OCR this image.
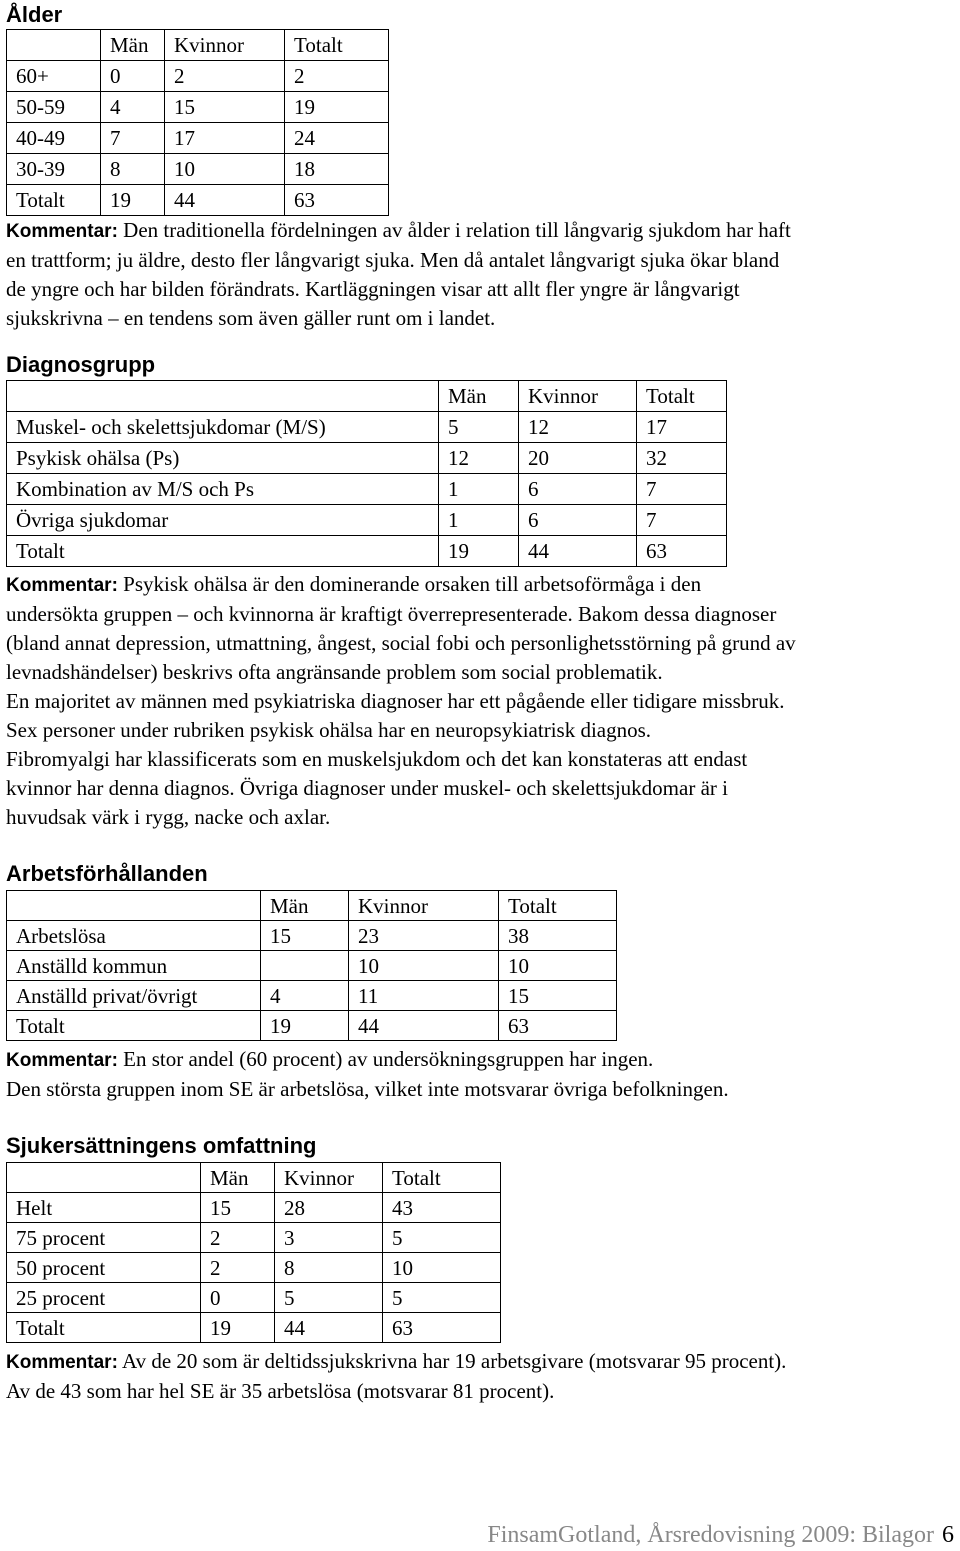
Ålder
	Män	Kvinnor	Totalt
60+	0	2	2
50-59	4	15	19
40-49	7	17	24
30-39	8	10	18
Totalt	19	44	63

Kommentar: Den traditionella fördelningen av ålder i relation till långvarig sjukdom har haft

en trattform; ju äldre, desto fler långvarigt sjuka. Men då antalet långvarigt sjuka ökar bland

de yngre och har bilden förändrats. Kartläggningen visar att allt fler yngre är långvarigt

sjukskrivna – en tendens som även gäller runt om i landet.

Diagnosgrupp
	Män	Kvinnor	Totalt
Muskel- och skelettsjukdomar (M/S)	5	12	17
Psykisk ohälsa (Ps)	12	20	32
Kombination av M/S och Ps	1	6	7
Övriga sjukdomar	1	6	7
Totalt	19	44	63

Kommentar: Psykisk ohälsa är den dominerande orsaken till arbetsoförmåga i den

undersökta gruppen – och kvinnorna är kraftigt överrepresenterade. Bakom dessa diagnoser

(bland annat depression, utmattning, ångest, social fobi och personlighetsstörning på grund av

levnadshändelser) beskrivs ofta angränsande problem som social problematik.

En majoritet av männen med psykiatriska diagnoser har ett pågående eller tidigare missbruk.

Sex personer under rubriken psykisk ohälsa har en neuropsykiatrisk diagnos.

Fibromyalgi har klassificerats som en muskelsjukdom och det kan konstateras att endast

kvinnor har denna diagnos. Övriga diagnoser under muskel- och skelettsjukdomar är i

huvudsak värk i rygg, nacke och axlar.

Arbetsförhållanden
	Män	Kvinnor	Totalt
Arbetslösa	15	23	38
Anställd kommun		10	10
Anställd privat/övrigt	4	11	15
Totalt	19	44	63

Kommentar: En stor andel (60 procent) av undersökningsgruppen har ingen.

Den största gruppen inom SE är arbetslösa, vilket inte motsvarar övriga befolkningen.

Sjukersättningens omfattning
	Män	Kvinnor	Totalt
Helt	15	28	43
75 procent	2	3	5
50 procent	2	8	10
25 procent	0	5	5
Totalt	19	44	63

Kommentar: Av de 20 som är deltidssjukskrivna har 19 arbetsgivare (motsvarar 95 procent).

Av de 43 som har hel SE är 35 arbetslösa (motsvarar 81 procent).

FinsamGotland, Årsredovisning 2009: Bilagor 6
